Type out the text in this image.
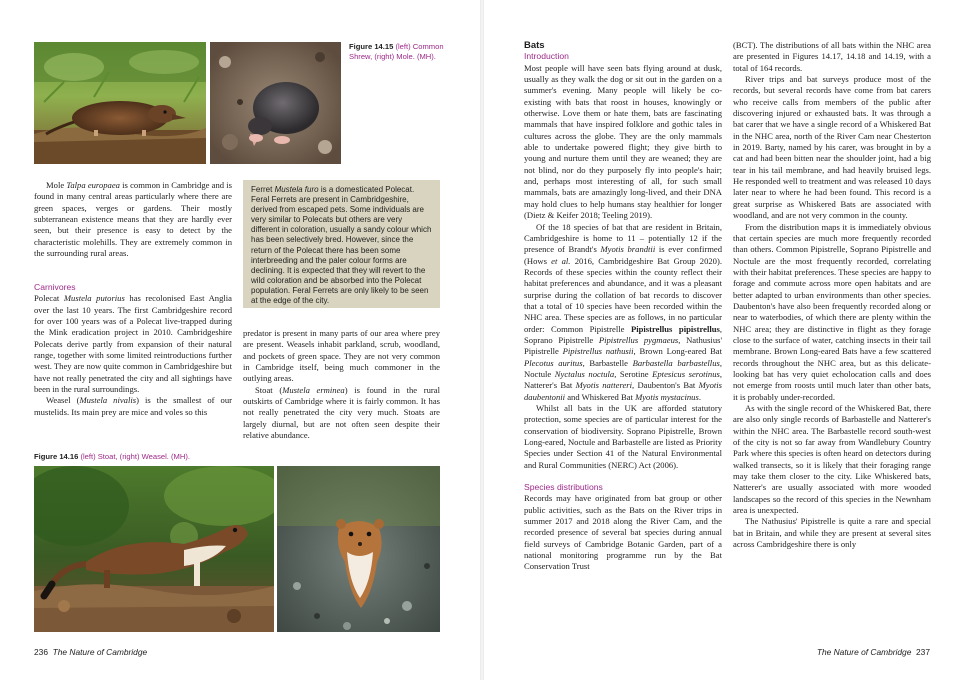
Figure 14.15 (left) Common Shrew, (right) Mole. (MH).

Mole Talpa europaea is common in Cambridge and is found in many central areas particularly where there are green spaces, verges or gardens. Their mostly subterranean existence means that they are hardly ever seen, but their presence is easy to detect by the characteristic molehills. They are extremely common in the surrounding rural areas.

Ferret Mustela furo is a domesticated Polecat. Feral Ferrets are present in Cambridgeshire, derived from escaped pets. Some individuals are very similar to Polecats but others are very different in coloration, usually a sandy colour which has been selectively bred. However, since the return of the Polecat there has been some interbreeding and the paler colour forms are declining. It is expected that they will revert to the wild coloration and be absorbed into the Polecat population. Feral Ferrets are only likely to be seen at the edge of the city.

Carnivores

Polecat Mustela putorius has recolonised East Anglia over the last 10 years. The first Cambridgeshire record for over 100 years was of a Polecat live-trapped during the Mink eradication project in 2010. Cambridgeshire Polecats derive partly from expansion of their natural range, together with some limited reintroductions further west. They are now quite common in Cambridgeshire but have not really penetrated the city and all sightings have been in the rural surroundings.

Weasel (Mustela nivalis) is the smallest of our mustelids. Its main prey are mice and voles so this

predator is present in many parts of our area where prey are present. Weasels inhabit parkland, scrub, woodland, and pockets of green space. They are not very common in Cambridge itself, being much commoner in the outlying areas.

Stoat (Mustela erminea) is found in the rural outskirts of Cambridge where it is fairly common. It has not really penetrated the city very much. Stoats are largely diurnal, but are not often seen despite their relative abundance.

Figure 14.16 (left) Stoat, (right) Weasel. (MH).
236 The Nature of Cambridge

Bats

Introduction

Most people will have seen bats flying around at dusk, usually as they walk the dog or sit out in the garden on a summer's evening. Many people will likely be co-existing with bats that roost in houses, knowingly or otherwise. Love them or hate them, bats are fascinating mammals that have inspired folklore and gothic tales in cultures across the globe. They are the only mammals able to undertake powered flight; they give birth to young and nurture them until they are weaned; they are not blind, nor do they purposely fly into people's hair; and, perhaps most interesting of all, for such small mammals, bats are amazingly long-lived, and their DNA may hold clues to help humans stay healthier for longer (Dietz & Keifer 2018; Teeling 2019).

Of the 18 species of bat that are resident in Britain, Cambridgeshire is home to 11 – potentially 12 if the presence of Brandt's Myotis brandtii is ever confirmed (Hows et al. 2016, Cambridgeshire Bat Group 2020). Records of these species within the county reflect their habitat preferences and abundance, and it was a pleasant surprise during the collation of bat records to discover that a total of 10 species have been recorded within the NHC area. These species are as follows, in no particular order: Common Pipistrelle Pipistrellus pipistrellus, Soprano Pipistrelle Pipistrellus pygmaeus, Nathusius' Pipistrelle Pipistrellus nathusii, Brown Long-eared Bat Plecotus auritus, Barbastelle Barbastella barbastellus, Noctule Nyctalus noctula, Serotine Eptesicus serotinus, Natterer's Bat Myotis nattereri, Daubenton's Bat Myotis daubentonii and Whiskered Bat Myotis mystacinus.

Whilst all bats in the UK are afforded statutory protection, some species are of particular interest for the conservation of biodiversity. Soprano Pipistrelle, Brown Long-eared, Noctule and Barbastelle are listed as Priority Species under Section 41 of the Natural Environmental and Rural Communities (NERC) Act (2006).

Species distributions

Records may have originated from bat group or other public activities, such as the Bats on the River trips in summer 2017 and 2018 along the River Cam, and the recorded presence of several bat species during annual field surveys of Cambridge Botanic Garden, part of a national monitoring programme run by the Bat Conservation Trust

(BCT). The distributions of all bats within the NHC area are presented in Figures 14.17, 14.18 and 14.19, with a total of 164 records.

River trips and bat surveys produce most of the records, but several records have come from bat carers who receive calls from members of the public after discovering injured or exhausted bats. It was through a bat carer that we have a single record of a Whiskered Bat in the NHC area, north of the River Cam near Chesterton in 2019. Barty, named by his carer, was brought in by a cat and had been bitten near the shoulder joint, had a big tear in his tail membrane, and had heavily bruised legs. He responded well to treatment and was released 10 days later near to where he had been found. This record is a great surprise as Whiskered Bats are associated with woodland, and are not very common in the county.

From the distribution maps it is immediately obvious that certain species are much more frequently recorded than others. Common Pipistrelle, Soprano Pipistrelle and Noctule are the most frequently recorded, correlating with their habitat preferences. These species are happy to forage and commute across more open habitats and are better adapted to urban environments than other species. Daubenton's have also been frequently recorded along or near to waterbodies, of which there are plenty within the NHC area; they are distinctive in flight as they forage close to the surface of water, catching insects in their tail membrane. Brown Long-eared Bats have a few scattered records throughout the NHC area, but as this delicate-looking bat has very quiet echolocation calls and does not emerge from roosts until much later than other bats, it is probably under-recorded.

As with the single record of the Whiskered Bat, there are also only single records of Barbastelle and Natterer's within the NHC area. The Barbastelle record south-west of the city is not so far away from Wandlebury Country Park where this species is often heard on detectors during walked transects, so it is likely that their foraging range may take them closer to the city. Like Whiskered bats, Natterer's are usually associated with more wooded landscapes so the record of this species in the Newnham area is unexpected.

The Nathusius' Pipistrelle is quite a rare and special bat in Britain, and while they are present at several sites across Cambridgeshire there is only

The Nature of Cambridge 237
